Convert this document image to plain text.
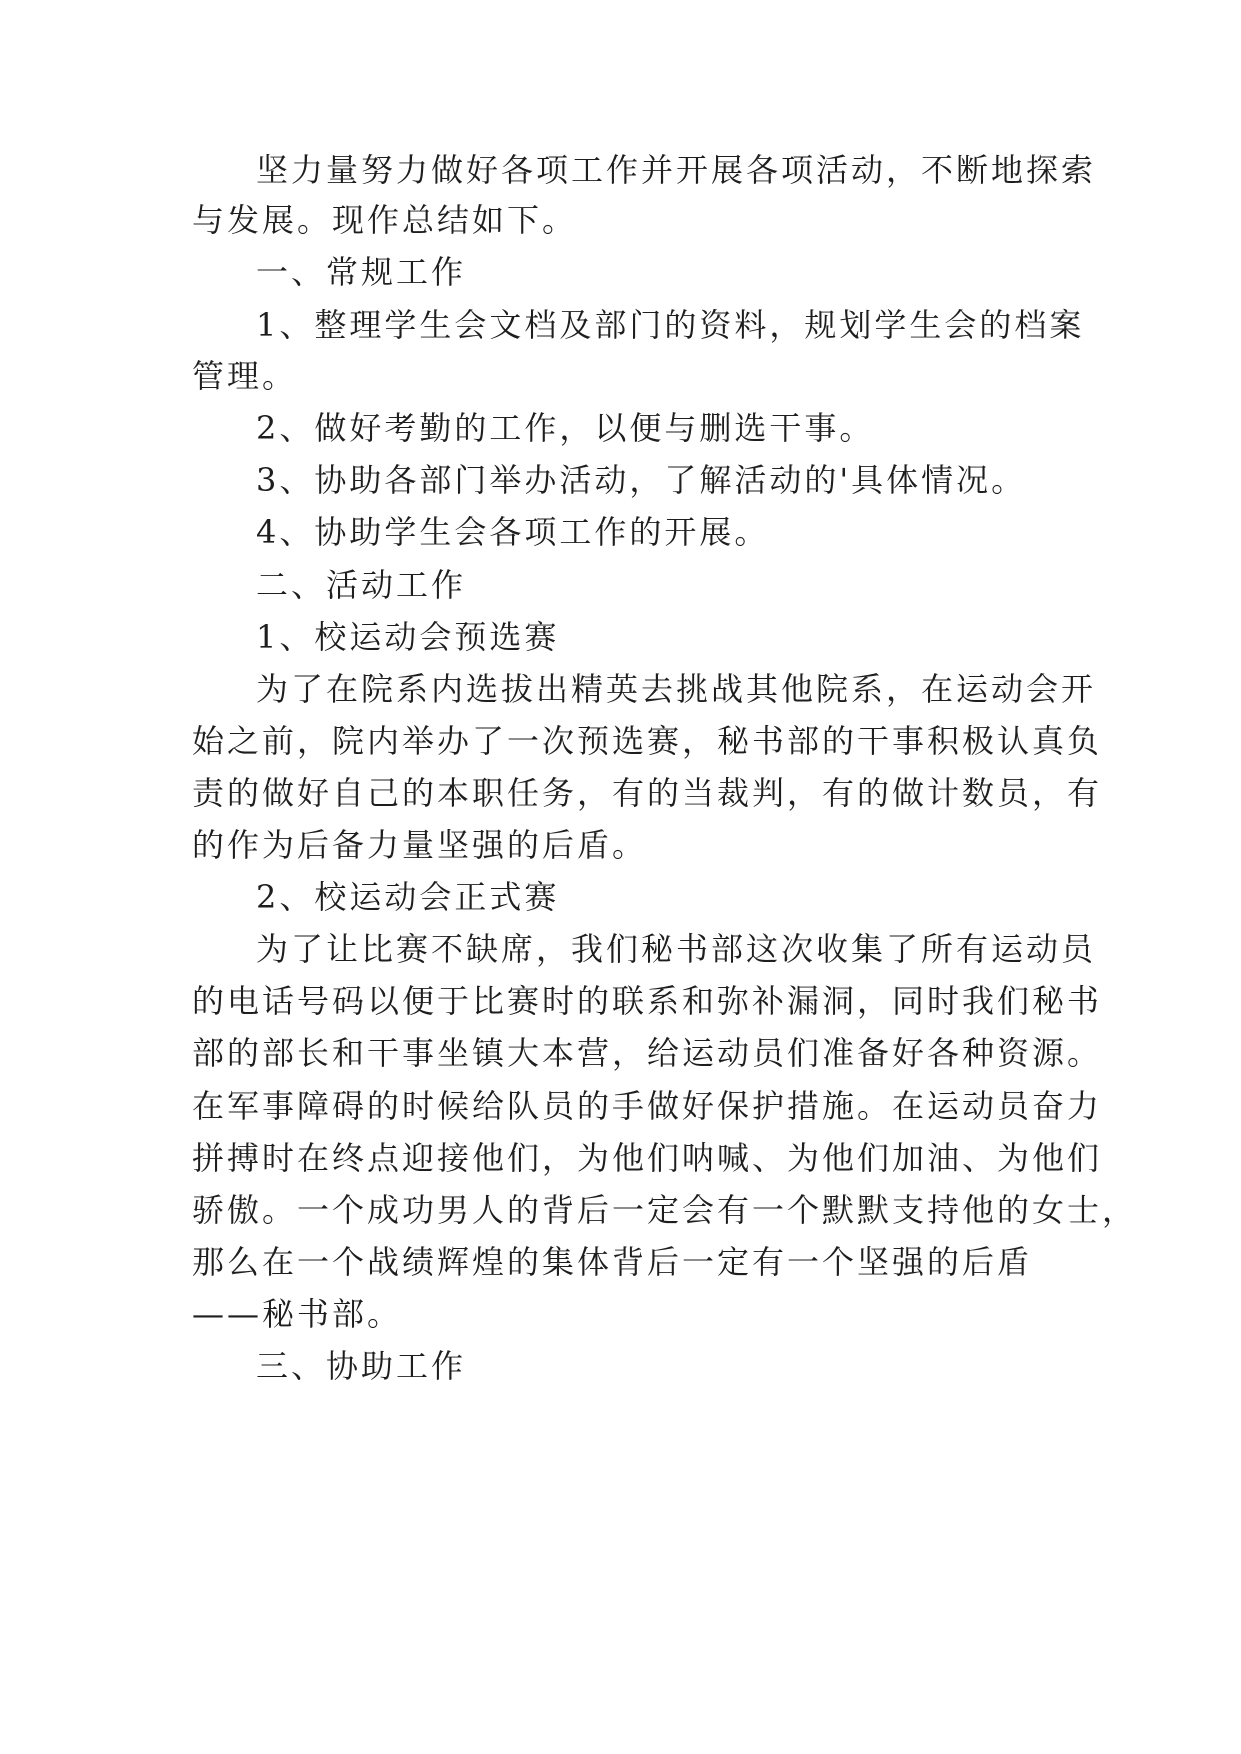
坚力量努力做好各项工作并开展各项活动，不断地探索
与发展。现作总结如下。
一、常规工作
1、整理学生会文档及部门的资料，规划学生会的档案
管理。
2、做好考勤的工作，以便与删选干事。
3、协助各部门举办活动，了解活动的'具体情况。
4、协助学生会各项工作的开展。
二、活动工作
1、校运动会预选赛
为了在院系内选拔出精英去挑战其他院系，在运动会开
始之前，院内举办了一次预选赛，秘书部的干事积极认真负
责的做好自己的本职任务，有的当裁判，有的做计数员，有
的作为后备力量坚强的后盾。
2、校运动会正式赛
为了让比赛不缺席，我们秘书部这次收集了所有运动员
的电话号码以便于比赛时的联系和弥补漏洞，同时我们秘书
部的部长和干事坐镇大本营，给运动员们准备好各种资源。
在军事障碍的时候给队员的手做好保护措施。在运动员奋力
拼搏时在终点迎接他们，为他们呐喊、为他们加油、为他们
骄傲。一个成功男人的背后一定会有一个默默支持他的女士，
那么在一个战绩辉煌的集体背后一定有一个坚强的后盾
——秘书部。
三、协助工作
